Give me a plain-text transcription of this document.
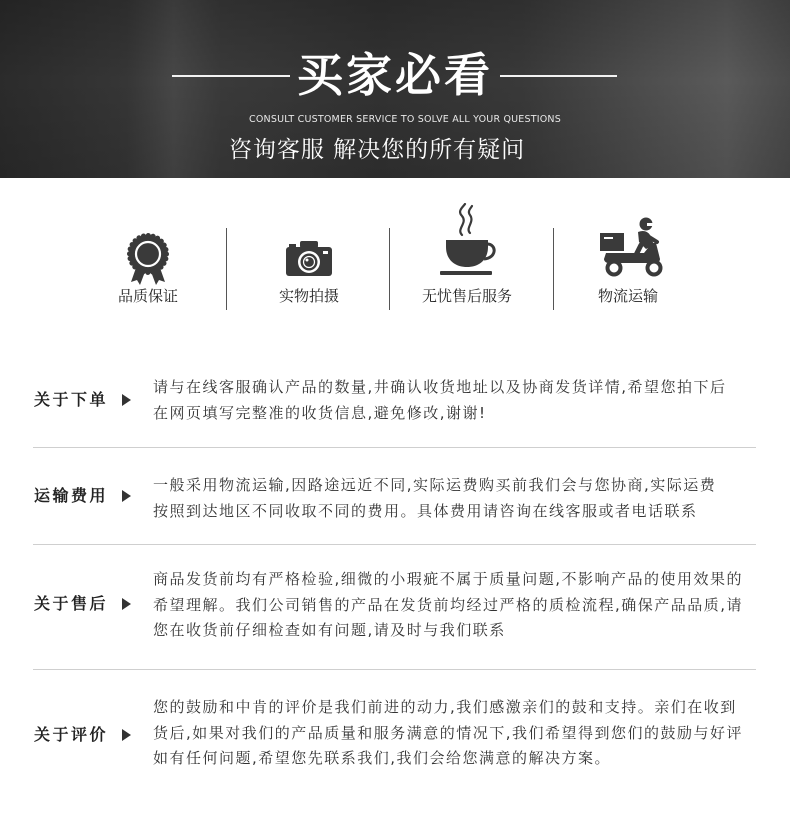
买家必看
CONSULT CUSTOMER SERVICE TO SOLVE ALL YOUR QUESTIONS
咨询客服 解决您的所有疑问
品质保证	实物拍摄	无忧售后服务	物流运输
关于下单
请与在线客服确认产品的数量,井确认收货地址以及协商发货详情,希望您拍下后
在网页填写完整准的收货信息,避免修改,谢谢!
运输费用
一般采用物流运输,因路途远近不同,实际运费购买前我们会与您协商,实际运费
按照到达地区不同收取不同的费用。具体费用请咨询在线客服或者电话联系
关于售后
商品发货前均有严格检验,细微的小瑕疵不属于质量问题,不影响产品的使用效果的
希望理解。我们公司销售的产品在发货前均经过严格的质检流程,确保产品品质,请
您在收货前仔细检查如有问题,请及时与我们联系
关于评价
您的鼓励和中肯的评价是我们前进的动力,我们感激亲们的鼓和支持。亲们在收到
货后,如果对我们的产品质量和服务满意的情况下,我们希望得到您们的鼓励与好评
如有任何问题,希望您先联系我们,我们会给您满意的解决方案。
